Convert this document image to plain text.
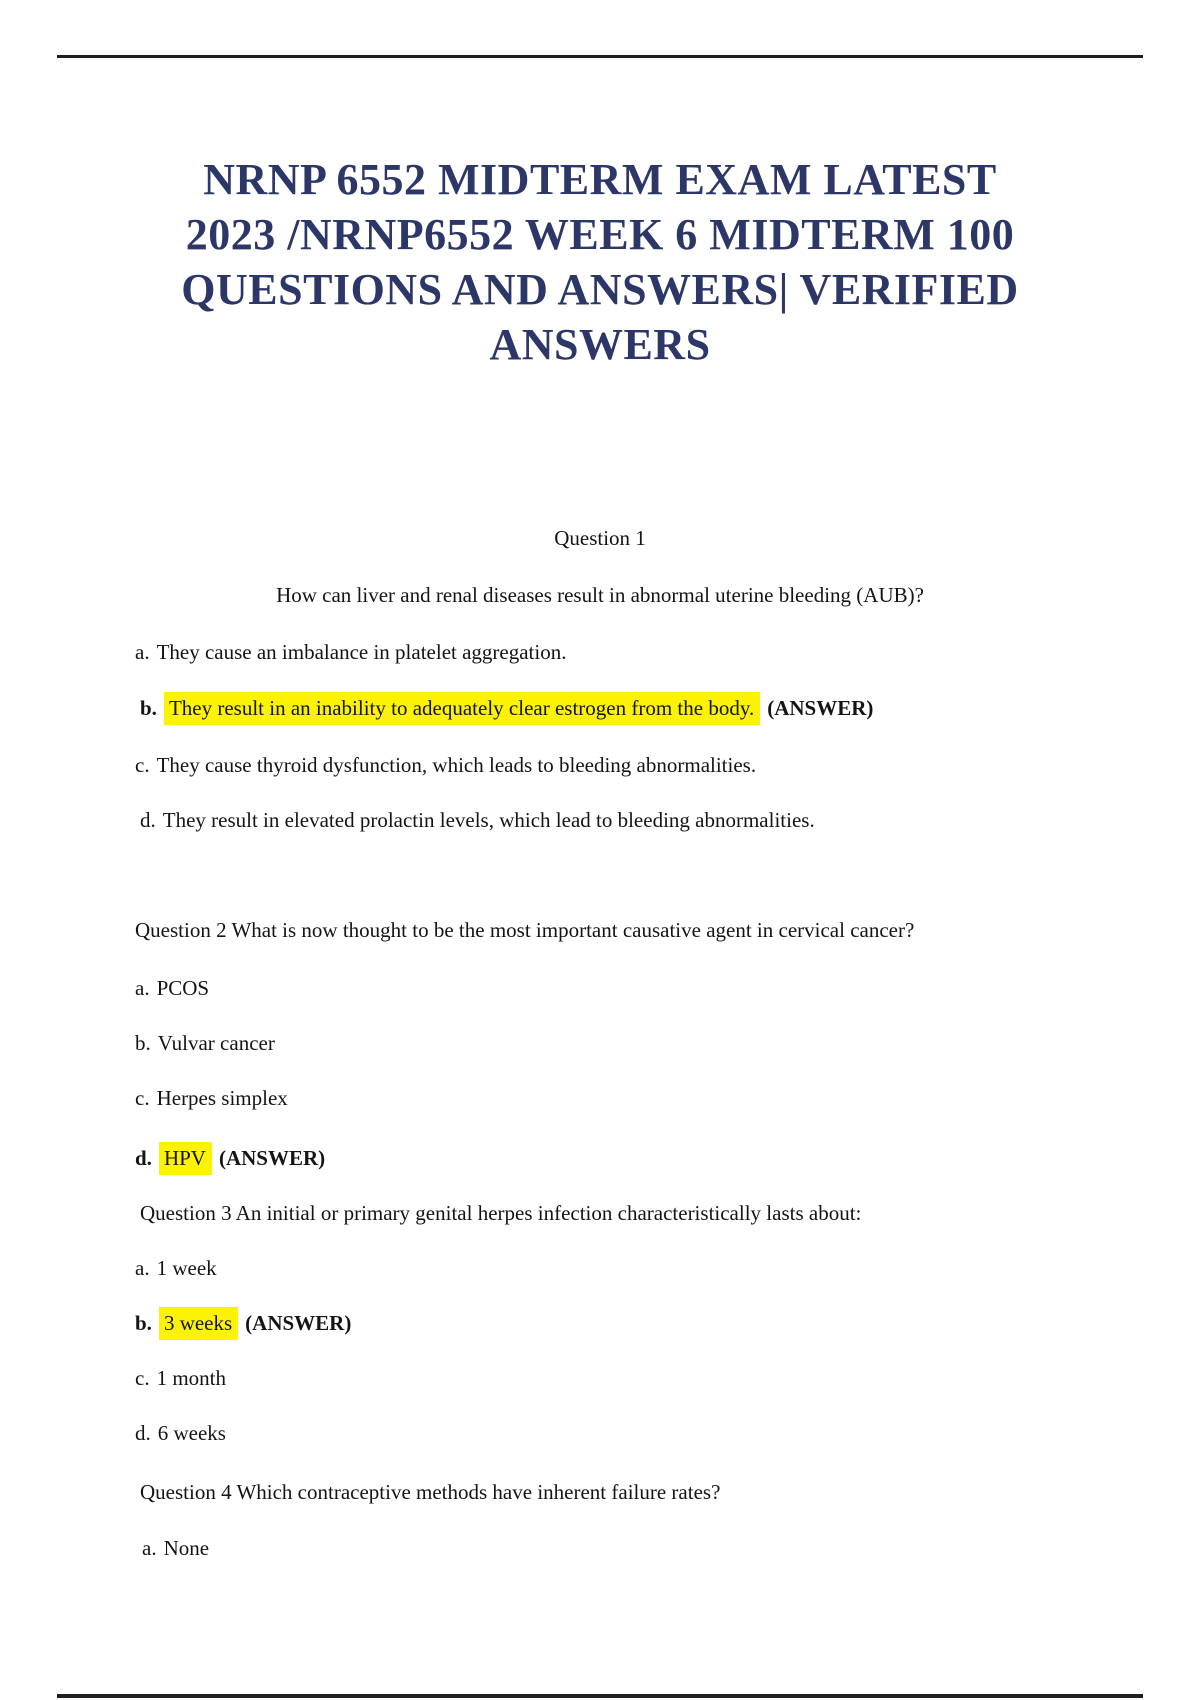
NRNP 6552 MIDTERM EXAM LATEST
2023 /NRNP6552 WEEK 6 MIDTERM 100
QUESTIONS AND ANSWERS| VERIFIED
ANSWERS
Question 1
How can liver and renal diseases result in abnormal uterine bleeding (AUB)?
a. They cause an imbalance in platelet aggregation.
b. They result in an inability to adequately clear estrogen from the body. (ANSWER)
c. They cause thyroid dysfunction, which leads to bleeding abnormalities.
d. They result in elevated prolactin levels, which lead to bleeding abnormalities.
Question 2 What is now thought to be the most important causative agent in cervical cancer?
a. PCOS
b. Vulvar cancer
c. Herpes simplex
d. HPV (ANSWER)
Question 3 An initial or primary genital herpes infection characteristically lasts about:
a. 1 week
b. 3 weeks (ANSWER)
c. 1 month
d. 6 weeks
Question 4 Which contraceptive methods have inherent failure rates?
a. None
